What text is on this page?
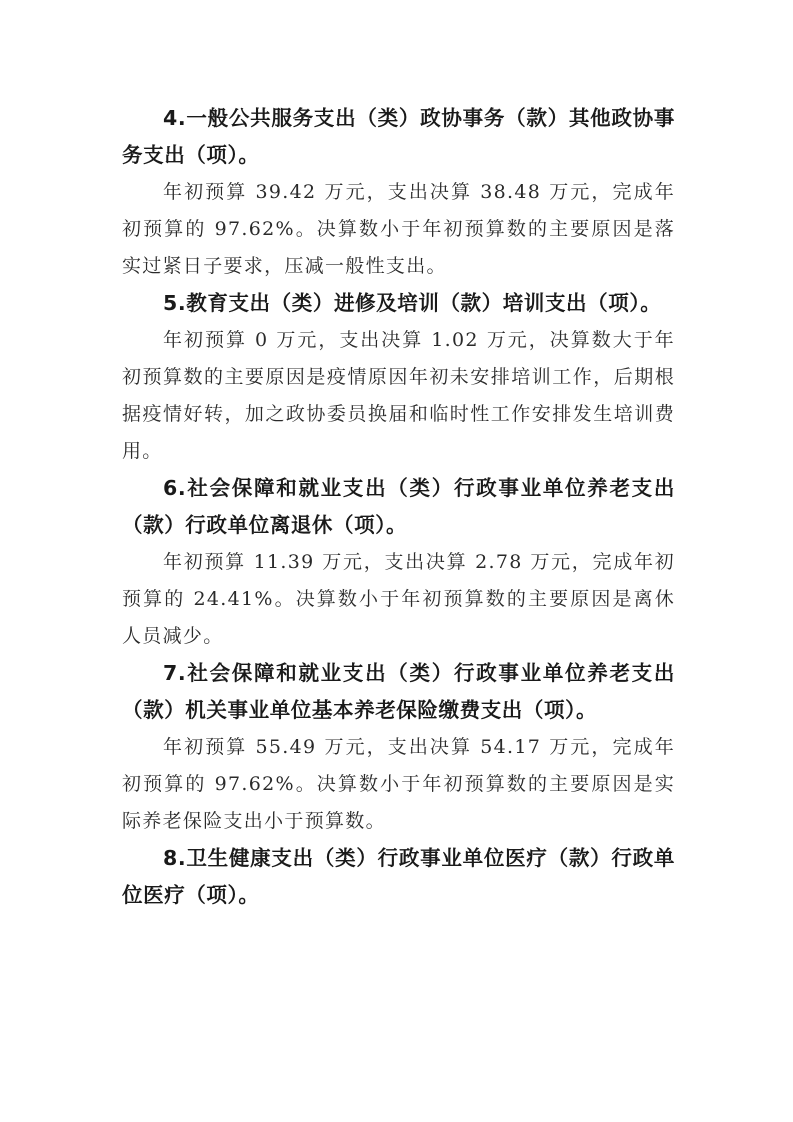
4.一般公共服务支出（类）政协事务（款）其他政协事务支出（项）。

年初预算 39.42 万元，支出决算 38.48 万元，完成年初预算的 97.62%。决算数小于年初预算数的主要原因是落实过紧日子要求，压减一般性支出。

5.教育支出（类）进修及培训（款）培训支出（项）。

年初预算 0 万元，支出决算 1.02 万元，决算数大于年初预算数的主要原因是疫情原因年初未安排培训工作，后期根据疫情好转，加之政协委员换届和临时性工作安排发生培训费用。

6.社会保障和就业支出（类）行政事业单位养老支出（款）行政单位离退休（项）。

年初预算 11.39 万元，支出决算 2.78 万元，完成年初预算的 24.41%。决算数小于年初预算数的主要原因是离休人员减少。

7.社会保障和就业支出（类）行政事业单位养老支出（款）机关事业单位基本养老保险缴费支出（项）。

年初预算 55.49 万元，支出决算 54.17 万元，完成年初预算的 97.62%。决算数小于年初预算数的主要原因是实际养老保险支出小于预算数。

8.卫生健康支出（类）行政事业单位医疗（款）行政单位医疗（项）。
